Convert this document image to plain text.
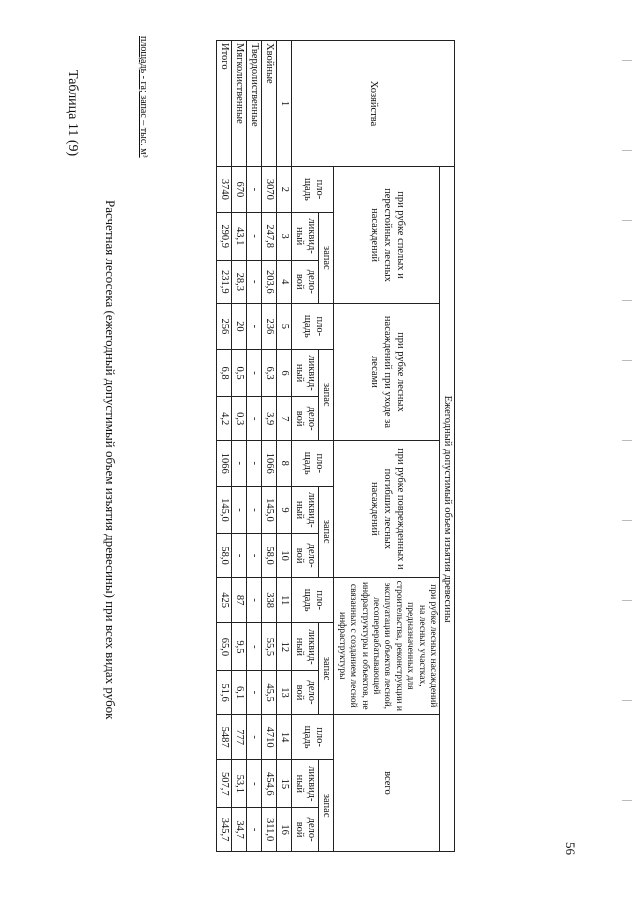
Таблица 11 (9)
Расчетная лесосека (ежегодный допустимый объем изъятия древесины) при всех видах рубок
площадь - га; запас – тыс. м³	Хозяйства	Ежегодный допустимый объем изъятия древесины														
	при рубке спелых и перестойных лесных насаждений			при рубке лесных насаждений при уходе за лесами			при рубке поврежденных и погибших лесных насаждений			при рубке лесных насаждений на лесных участках, предназначенных для строительства, реконструкции и эксплуатации объектов лесной, лесоперерабатывающей инфраструктуры и объектов, не связанных с созданием лесной инфраструктуры			всего		
	пло-щадь	запас		пло-щадь	запас		пло-щадь	запас		пло-щадь	запас		пло-щадь	запас	
		ликвид-ный	дело-вой		ликвид-ный	дело-вой		ликвид-ный	дело-вой		ликвид-ный	дело-вой		ликвид-ный	дело-вой
1	2	3	4	5	6	7	8	9	10	11	12	13	14	15	16
Хвойные	3070	247,8	203,6	236	6,3	3,9	1066	145,0	58,0	338	55,5	45,5	4710	454,6	311,0
Твердолиственные	-	-	-	-	-	-	-	-	-	-	-	-	-	-	-
Мягколиственные	670	43,1	28,3	20	0,5	0,3	-	-	-	87	9,5	6,1	777	53,1	34,7
Итого	3740	290,9	231,9	256	6,8	4,2	1066	145,0	58,0	425	65,0	51,6	5487	507,7	345,7
56
